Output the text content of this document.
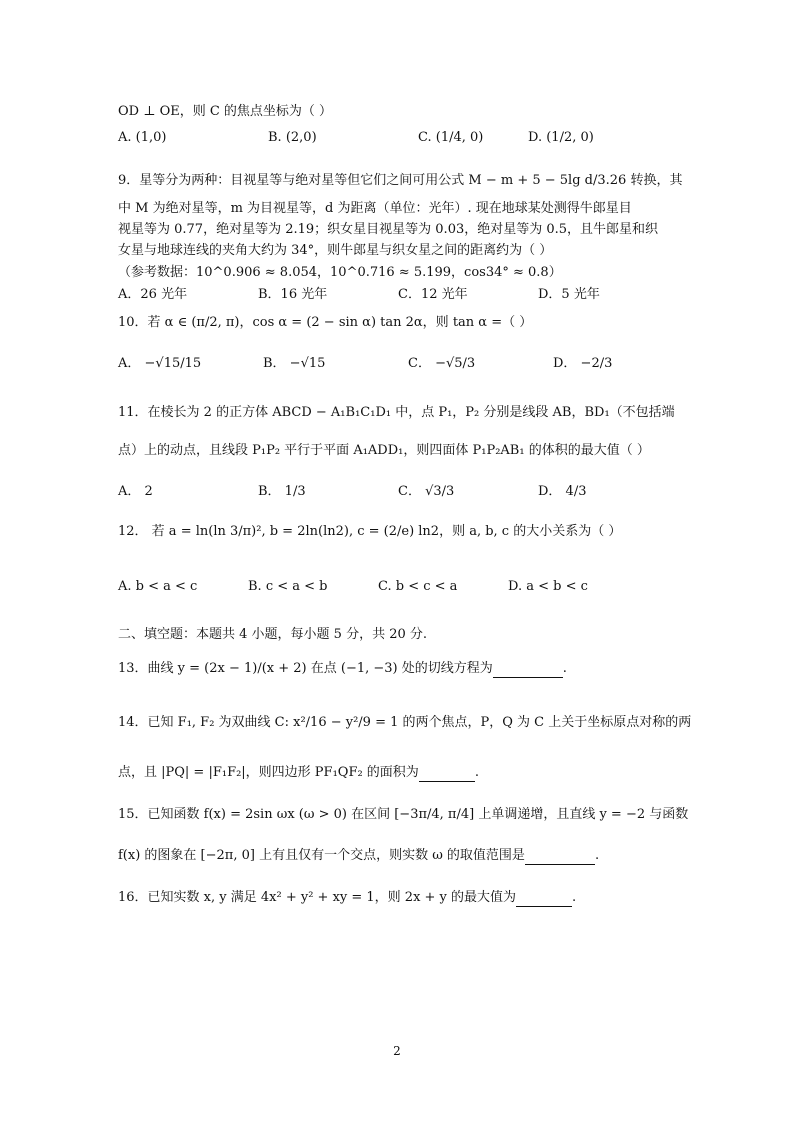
OD ⊥ OE，则 C 的焦点坐标为（ ）
A. (1,0)	B. (2,0)	C. (1/4, 0)	D. (1/2, 0)
9．星等分为两种：目视星等与绝对星等但它们之间可用公式 M − m + 5 − 5lg d/3.26 转换，其
中 M 为绝对星等，m 为目视星等，d 为距离（单位：光年）. 现在地球某处测得牛郎星目
视星等为 0.77，绝对星等为 2.19；织女星目视星等为 0.03，绝对星等为 0.5，且牛郎星和织
女星与地球连线的夹角大约为 34°，则牛郎星与织女星之间的距离约为（ ）
（参考数据：10^0.906 ≈ 8.054，10^0.716 ≈ 5.199，cos34° ≈ 0.8）
A．26 光年	B．16 光年	C．12 光年	D．5 光年
10．若 α ∈ (π/2, π)，cos α = (2 − sin α) tan 2α，则 tan α =（ ）
A． −√15/15	B． −√15	C． −√5/3	D． −2/3
11．在棱长为 2 的正方体 ABCD − A₁B₁C₁D₁ 中，点 P₁，P₂ 分别是线段 AB，BD₁（不包括端
点）上的动点，且线段 P₁P₂ 平行于平面 A₁ADD₁，则四面体 P₁P₂AB₁ 的体积的最大值（ ）
A． 2	B． 1/3	C． √3/3	D． 4/3
12． 若 a = ln(ln 3/π)², b = 2ln(ln2), c = (2/e) ln2，则 a, b, c 的大小关系为（ ）
A. b < a < c	B. c < a < b	C. b < c < a	D. a < b < c
二、填空题：本题共 4 小题，每小题 5 分，共 20 分.
13．曲线 y = (2x − 1)/(x + 2) 在点 (−1, −3) 处的切线方程为	.
14．已知 F₁, F₂ 为双曲线 C: x²/16 − y²/9 = 1 的两个焦点，P，Q 为 C 上关于坐标原点对称的两
点，且 |PQ| = |F₁F₂|，则四边形 PF₁QF₂ 的面积为	.
15．已知函数 f(x) = 2sin ωx (ω > 0) 在区间 [−3π/4, π/4] 上单调递增，且直线 y = −2 与函数
f(x) 的图象在 [−2π, 0] 上有且仅有一个交点，则实数 ω 的取值范围是	.
16．已知实数 x, y 满足 4x² + y² + xy = 1，则 2x + y 的最大值为	.
2
